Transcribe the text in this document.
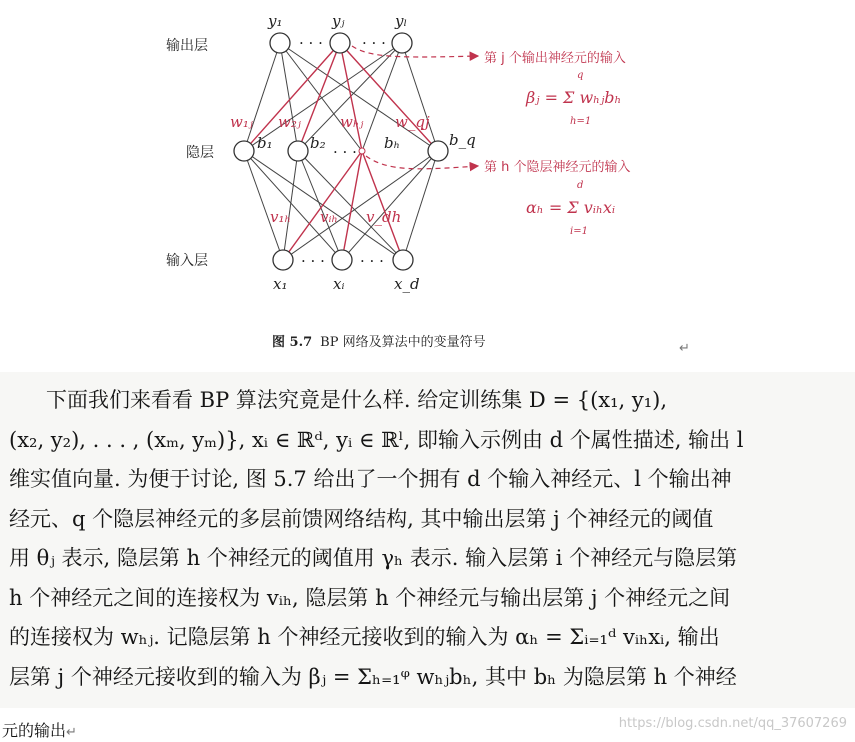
输出层
隐层
输入层
y₁	yⱼ	yₗ
· · ·	· · ·
b₁ b₂ · · · bₕ	b_q
· · · · · ·
x₁	xᵢ	x_d
w₁ⱼ w₂ⱼ	wₕⱼ w_qj
v₁ₕ vᵢₕ v_dh
第 j 个输出神经元的输入
第 h 个隐层神经元的输入
βⱼ = Σ wₕⱼbₕ
q
h=1
αₕ = Σ vᵢₕxᵢ
d
i=1
图 5.7 BP 网络及算法中的变量符号	↵
下面我们来看看 BP 算法究竟是什么样. 给定训练集 D = {(x₁, y₁),
(x₂, y₂), . . . , (xₘ, yₘ)}, xᵢ ∈ ℝᵈ, yᵢ ∈ ℝˡ, 即输入示例由 d 个属性描述, 输出 l
维实值向量. 为便于讨论, 图 5.7 给出了一个拥有 d 个输入神经元、l 个输出神
经元、q 个隐层神经元的多层前馈网络结构, 其中输出层第 j 个神经元的阈值
用 θⱼ 表示, 隐层第 h 个神经元的阈值用 γₕ 表示. 输入层第 i 个神经元与隐层第
h 个神经元之间的连接权为 vᵢₕ, 隐层第 h 个神经元与输出层第 j 个神经元之间
的连接权为 wₕⱼ. 记隐层第 h 个神经元接收到的输入为 αₕ = Σᵢ₌₁ᵈ vᵢₕxᵢ, 输出
层第 j 个神经元接收到的输入为 βⱼ = Σₕ₌₁ᵠ wₕⱼbₕ, 其中 bₕ 为隐层第 h 个神经
元的输出↵
https://blog.csdn.net/qq_37607269
